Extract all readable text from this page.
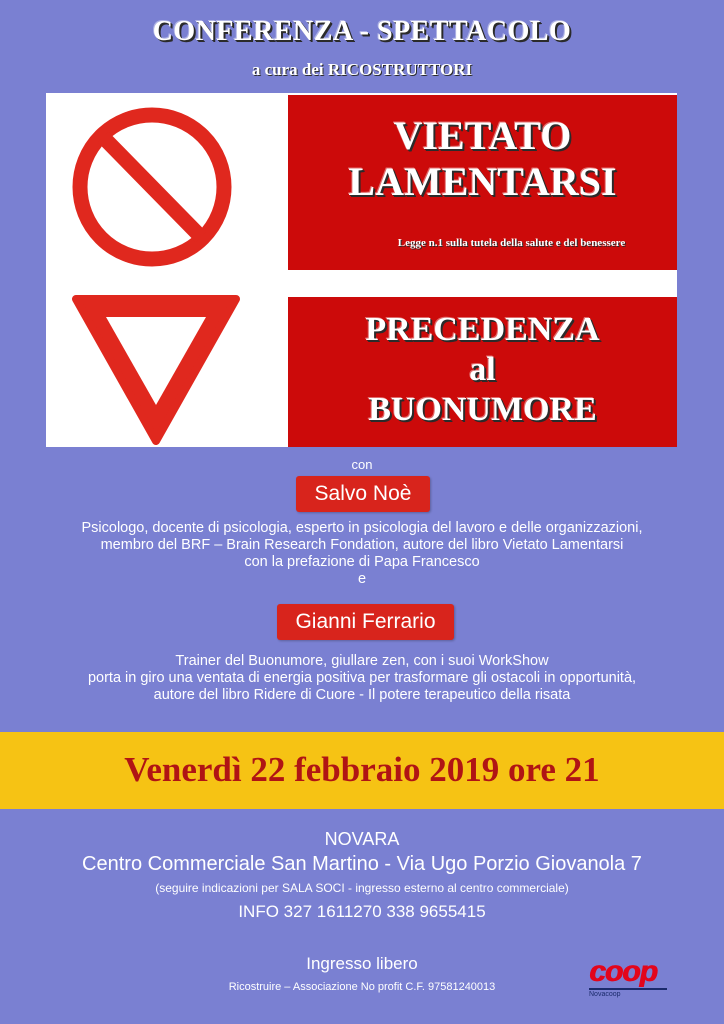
CONFERENZA - SPETTACOLO
a cura dei RICOSTRUTTORI
VIETATO
LAMENTARSI
Legge n.1 sulla tutela della salute e del benessere
PRECEDENZA
al
BUONUMORE
con
Salvo Noè
Psicologo, docente di psicologia, esperto in psicologia del lavoro e delle organizzazioni,
membro del BRF – Brain Research Fondation, autore del libro Vietato Lamentarsi
con la prefazione di Papa Francesco
e
Gianni Ferrario
Trainer del Buonumore, giullare zen, con i suoi WorkShow
porta in giro una ventata di energia positiva per trasformare gli ostacoli in opportunità,
autore del libro Ridere di Cuore - Il potere terapeutico della risata
Venerdì 22 febbraio 2019 ore 21
NOVARA
Centro Commerciale San Martino - Via Ugo Porzio Giovanola 7
(seguire indicazioni per SALA SOCI - ingresso esterno al centro commerciale)
INFO 327 1611270 338 9655415
Ingresso libero
Ricostruire – Associazione No profit C.F. 97581240013	coop
Novacoop
